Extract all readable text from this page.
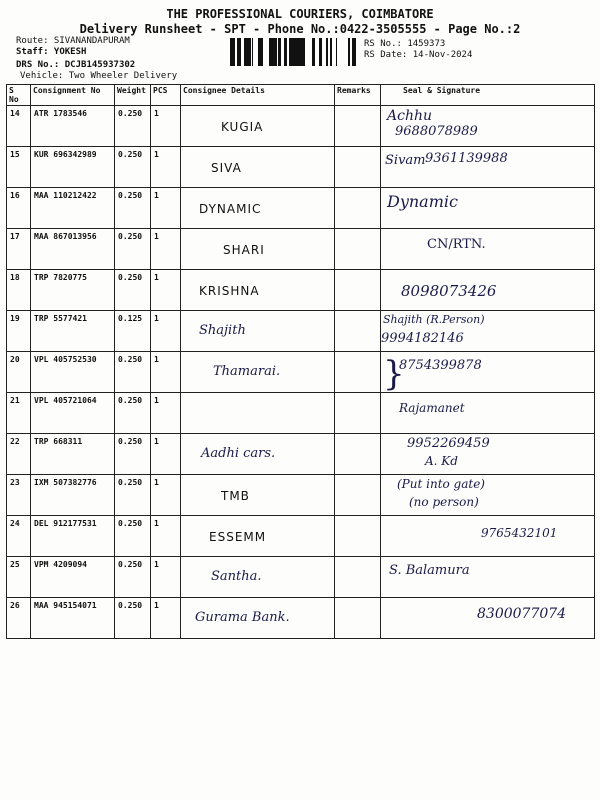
THE PROFESSIONAL COURIERS, COIMBATORE
Delivery Runsheet - SPT - Phone No.:0422-3505555 - Page No.:2
Route: SIVANANDAPURAM
Staff: YOKESH
DRS No.: DCJB145937302
Vehicle: Two Wheeler Delivery
RS No.: 1459373
RS Date: 14-Nov-2024
S No	Consignment No	Weight	PCS	Consignee Details	Remarks	Seal & Signature
14	ATR 1783546	0.250	1	KUGIA		Achhu
9688078989

15	KUR 696342989	0.250	1	SIVA		Sivam 9361139988

16	MAA 110212422	0.250	1	DYNAMIC		Dynamic

17	MAA 867013956	0.250	1	SHARI		CN/RTN.

18	TRP 7820775	0.250	1	KRISHNA		8098073426

19	TRP 5577421	0.125	1	Shajith		Shajith (R.Person)
9994182146

20	VPL 405752530	0.250	1	Thamarai.		8754399878
}

21	VPL 405721064	0.250	1			Rajamanet

22	TRP 668311	0.250	1	Aadhi cars.		9952269459
A. Kd

23	IXM 507382776	0.250	1	TMB		(Put into gate)
(no person)

24	DEL 912177531	0.250	1	ESSEMM		9765432101

25	VPM 4209094	0.250	1	Santha.		S. Balamura

26	MAA 945154071	0.250	1	Gurama Bank.		8300077074
